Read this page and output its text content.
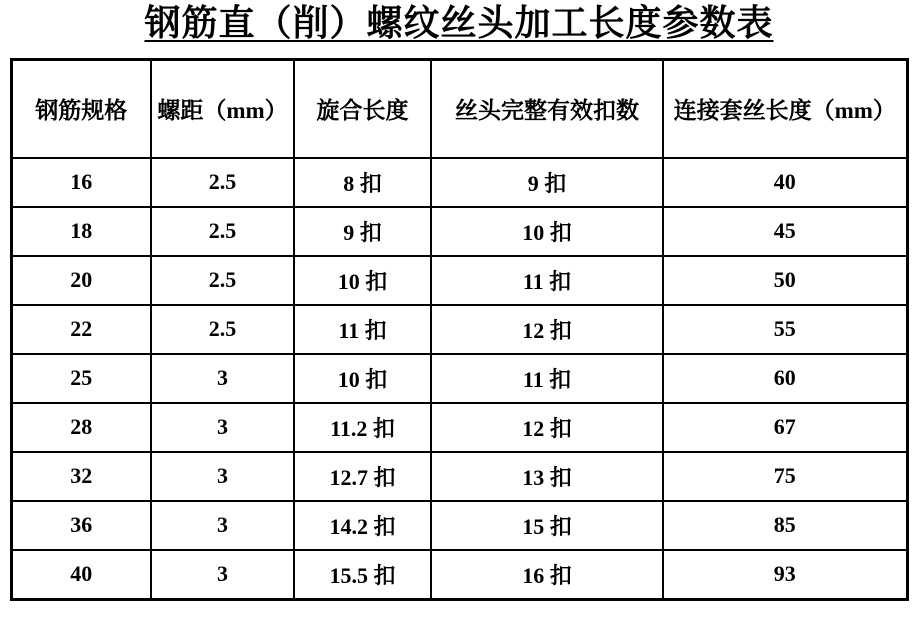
钢筋直（削）螺纹丝头加工长度参数表
钢筋规格	螺距（mm）	旋合长度	丝头完整有效扣数	连接套丝长度（mm）
16	2.5	8 扣	9 扣	40
18	2.5	9 扣	10 扣	45
20	2.5	10 扣	11 扣	50
22	2.5	11 扣	12 扣	55
25	3	10 扣	11 扣	60
28	3	11.2 扣	12 扣	67
32	3	12.7 扣	13 扣	75
36	3	14.2 扣	15 扣	85
40	3	15.5 扣	16 扣	93
